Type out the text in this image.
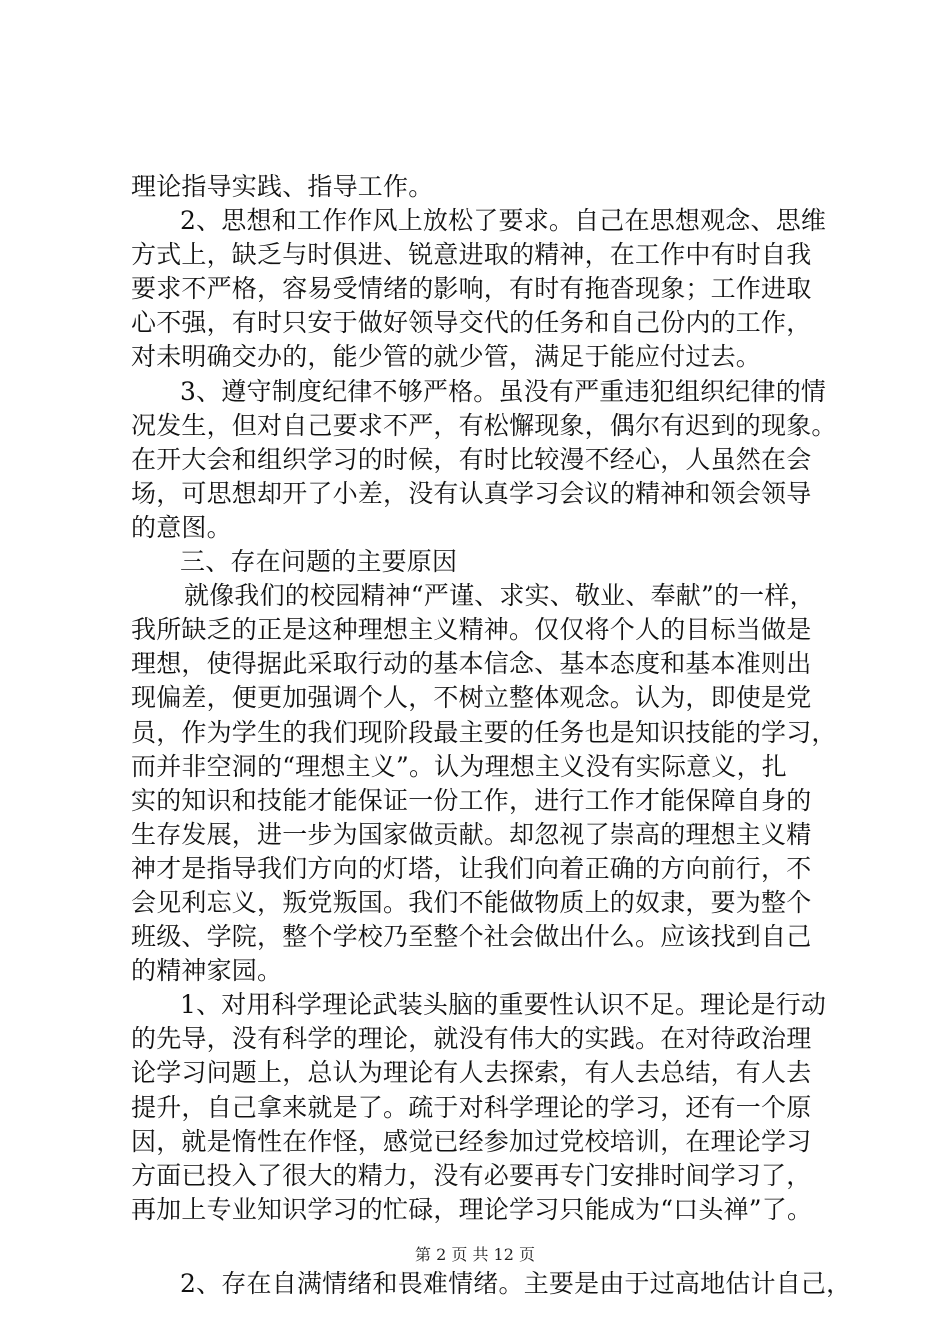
理论指导实践、指导工作。
2、思想和工作作风上放松了要求。自己在思想观念、思维
方式上，缺乏与时俱进、锐意进取的精神，在工作中有时自我
要求不严格，容易受情绪的影响，有时有拖沓现象；工作进取
心不强，有时只安于做好领导交代的任务和自己份内的工作，
对未明确交办的，能少管的就少管，满足于能应付过去。
3、遵守制度纪律不够严格。虽没有严重违犯组织纪律的情
况发生，但对自己要求不严，有松懈现象，偶尔有迟到的现象。
在开大会和组织学习的时候，有时比较漫不经心，人虽然在会
场，可思想却开了小差，没有认真学习会议的精神和领会领导
的意图。
三、存在问题的主要原因
就像我们的校园精神“严谨、求实、敬业、奉献”的一样，
我所缺乏的正是这种理想主义精神。仅仅将个人的目标当做是
理想，使得据此采取行动的基本信念、基本态度和基本准则出
现偏差，便更加强调个人，不树立整体观念。认为，即使是党
员，作为学生的我们现阶段最主要的任务也是知识技能的学习，
而并非空洞的“理想主义”。认为理想主义没有实际意义，扎
实的知识和技能才能保证一份工作，进行工作才能保障自身的
生存发展，进一步为国家做贡献。却忽视了崇高的理想主义精
神才是指导我们方向的灯塔，让我们向着正确的方向前行，不
会见利忘义，叛党叛国。我们不能做物质上的奴隶，要为整个
班级、学院，整个学校乃至整个社会做出什么。应该找到自己
的精神家园。
1、对用科学理论武装头脑的重要性认识不足。理论是行动
的先导，没有科学的理论，就没有伟大的实践。在对待政治理
论学习问题上，总认为理论有人去探索，有人去总结，有人去
提升，自己拿来就是了。疏于对科学理论的学习，还有一个原
因，就是惰性在作怪，感觉已经参加过党校培训，在理论学习
方面已投入了很大的精力，没有必要再专门安排时间学习了，
再加上专业知识学习的忙碌，理论学习只能成为“口头禅”了。
2、存在自满情绪和畏难情绪。主要是由于过高地估计自己，
第 2 页 共 12 页
